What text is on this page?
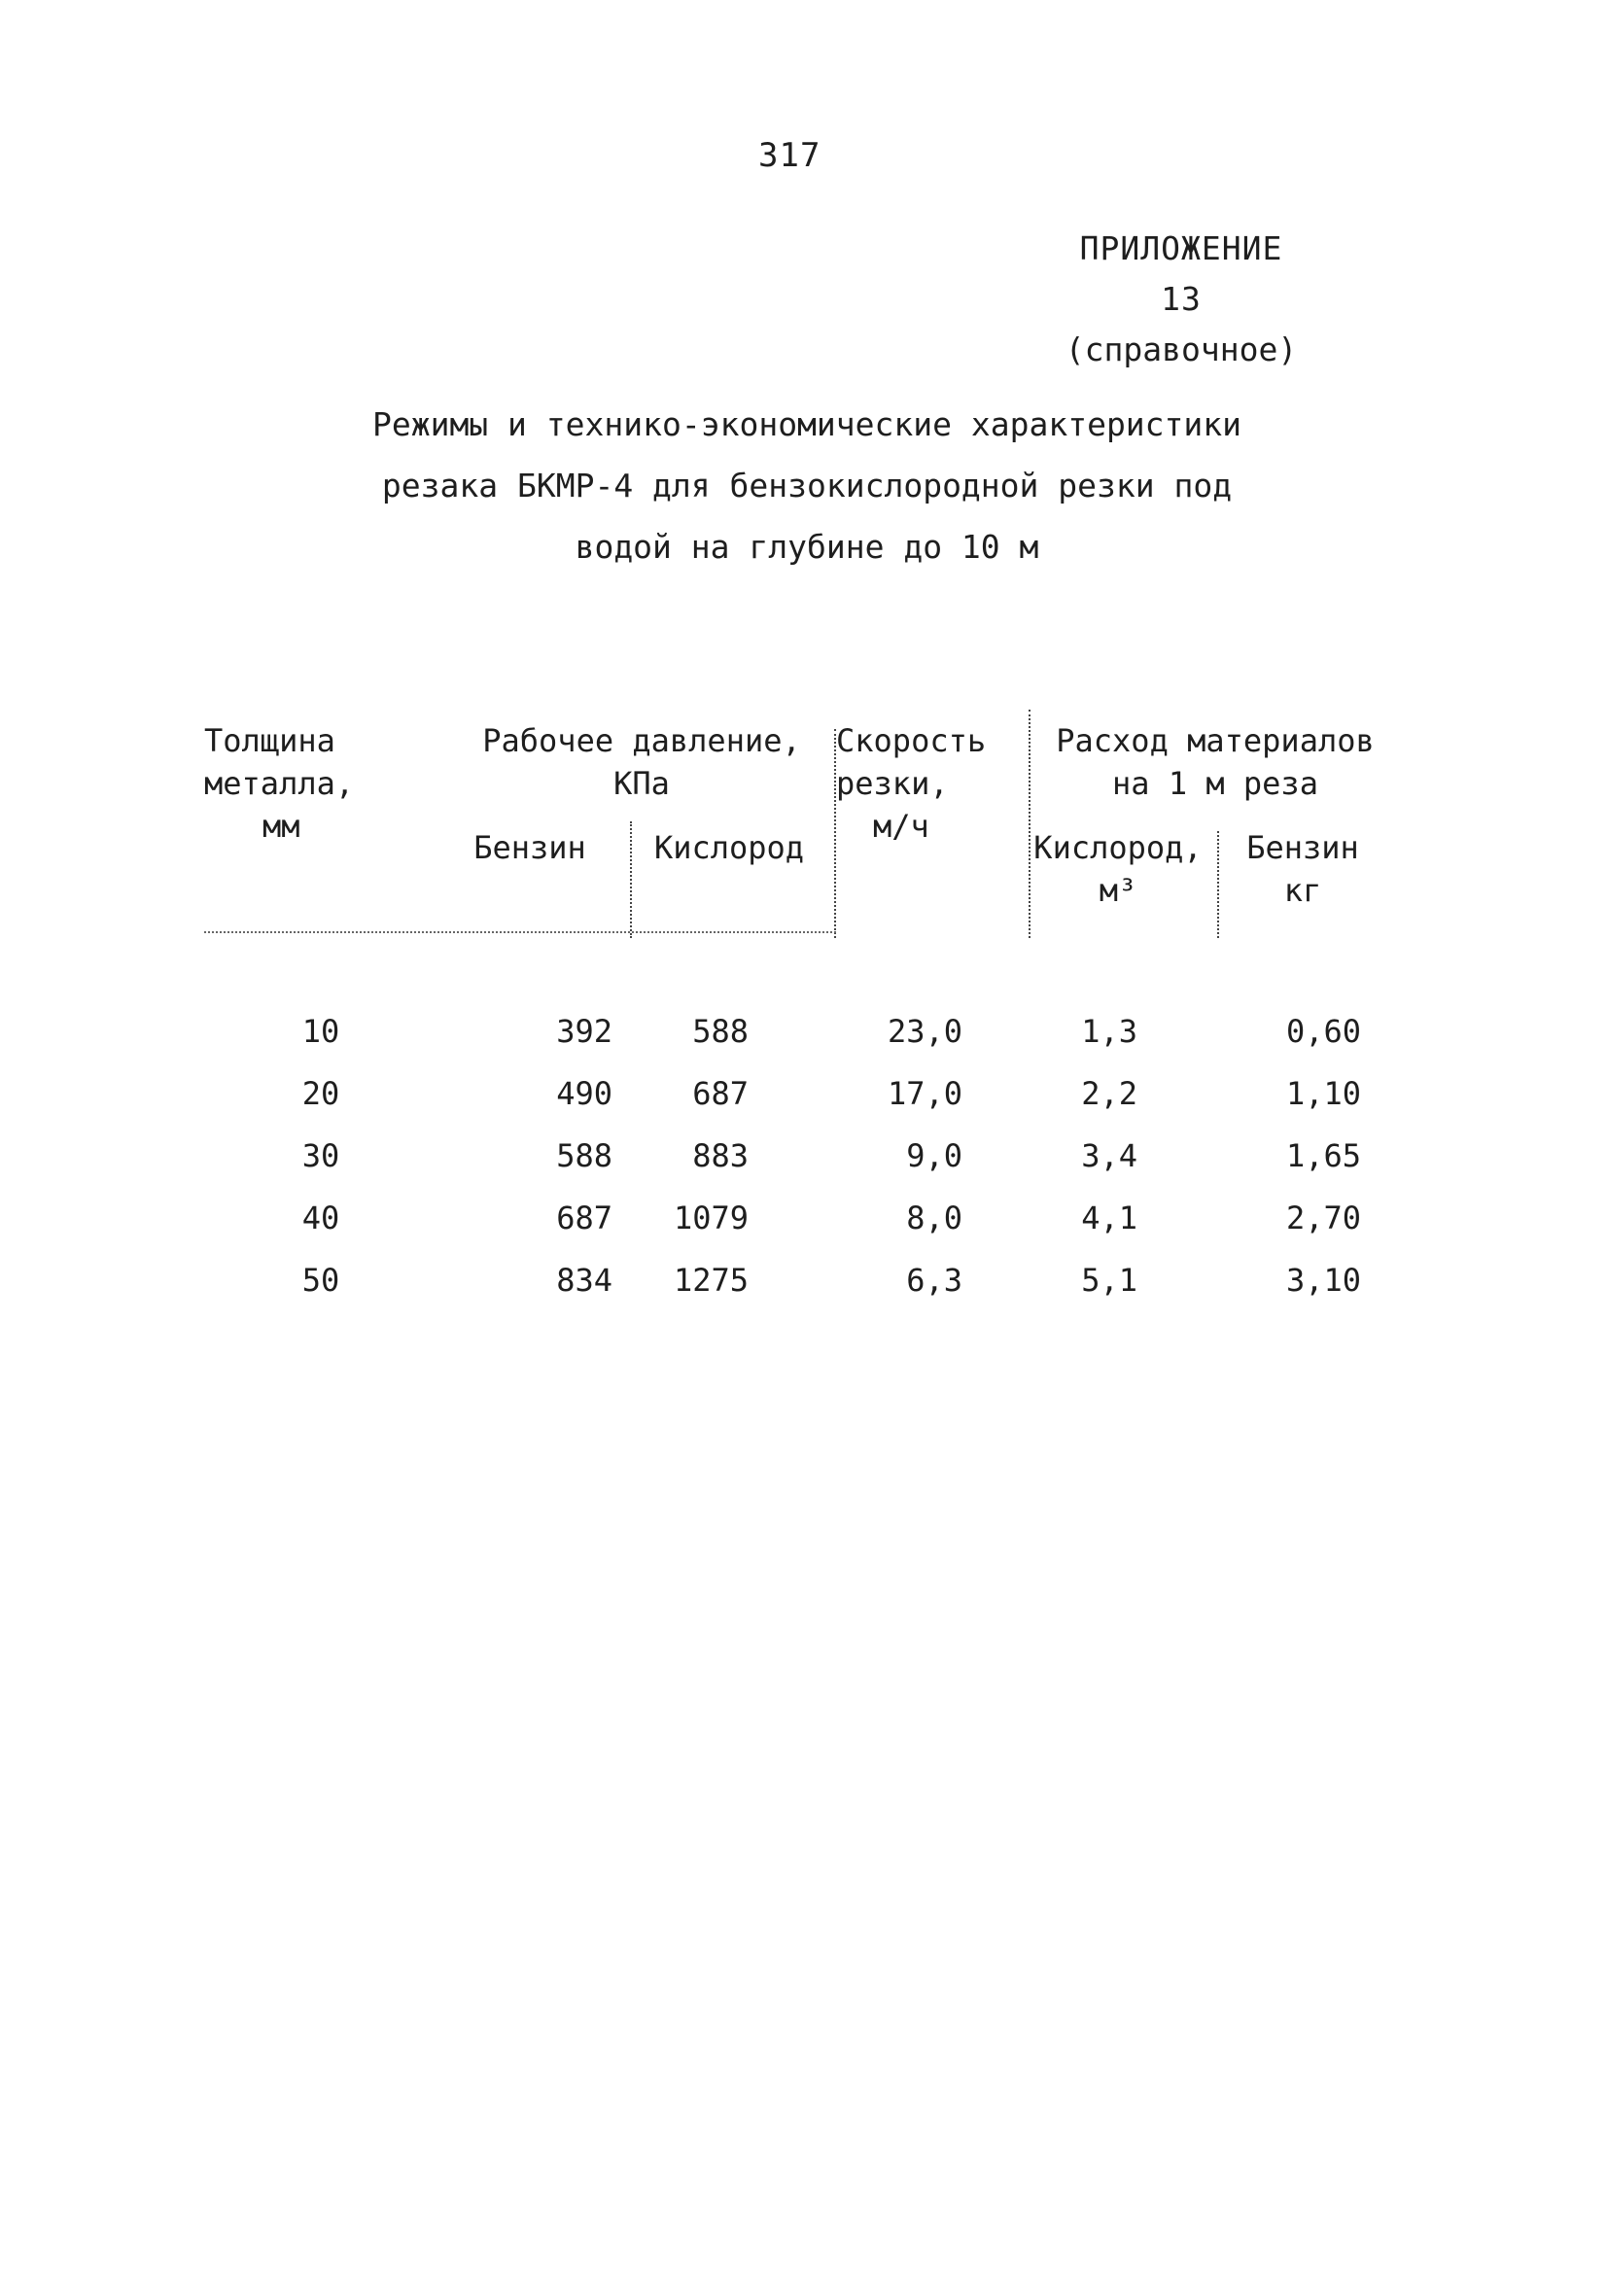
317
ПРИЛОЖЕНИЕ 13
(справочное)
Режимы и технико-экономические характеристики
резака БКМР-4 для бензокислородной резки под
водой на глубине до 10 м
Толщина
металла,
мм
Рабочее давление,
КПа
Бензин	Кислород
Скорость
резки,
м/ч
Расход материалов
на 1 м реза
Кислород,
м³
Бензин
кг
10	392	588	23,0	1,3	0,60
20	490	687	17,0	2,2	1,10
30	588	883	9,0	3,4	1,65
40	687	1079	8,0	4,1	2,70
50	834	1275	6,3	5,1	3,10
